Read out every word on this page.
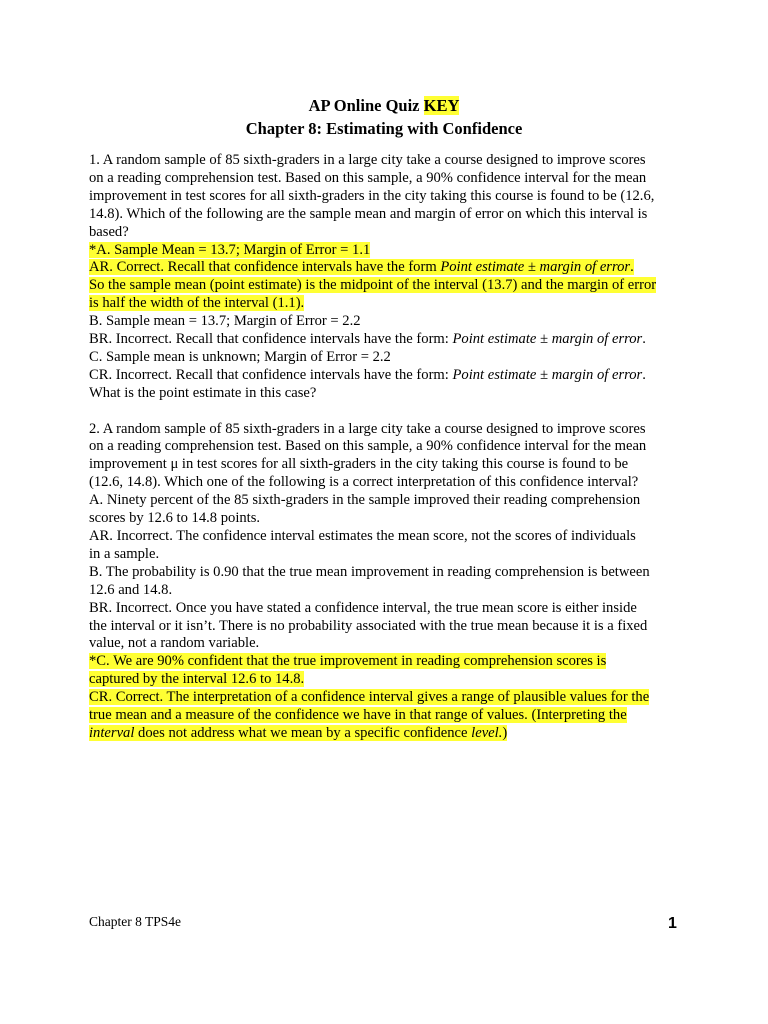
AP Online Quiz KEY
Chapter 8: Estimating with Confidence

1. A random sample of 85 sixth-graders in a large city take a course designed to improve scores

on a reading comprehension test. Based on this sample, a 90% confidence interval for the mean

improvement in test scores for all sixth-graders in the city taking this course is found to be (12.6,

14.8). Which of the following are the sample mean and margin of error on which this interval is

based?

*A. Sample Mean = 13.7; Margin of Error = 1.1

AR. Correct. Recall that confidence intervals have the form Point estimate ± margin of error.

So the sample mean (point estimate) is the midpoint of the interval (13.7) and the margin of error

is half the width of the interval (1.1).

B. Sample mean = 13.7; Margin of Error = 2.2

BR. Incorrect. Recall that confidence intervals have the form: Point estimate ± margin of error.

C. Sample mean is unknown; Margin of Error = 2.2

CR. Incorrect. Recall that confidence intervals have the form: Point estimate ± margin of error.

What is the point estimate in this case?

2. A random sample of 85 sixth-graders in a large city take a course designed to improve scores

on a reading comprehension test. Based on this sample, a 90% confidence interval for the mean

improvement μ in test scores for all sixth-graders in the city taking this course is found to be

(12.6, 14.8). Which one of the following is a correct interpretation of this confidence interval?

A. Ninety percent of the 85 sixth-graders in the sample improved their reading comprehension

scores by 12.6 to 14.8 points.

AR. Incorrect. The confidence interval estimates the mean score, not the scores of individuals

in a sample.

B. The probability is 0.90 that the true mean improvement in reading comprehension is between

12.6 and 14.8.

BR. Incorrect. Once you have stated a confidence interval, the true mean score is either inside

the interval or it isn’t. There is no probability associated with the true mean because it is a fixed

value, not a random variable.

*C. We are 90% confident that the true improvement in reading comprehension scores is

captured by the interval 12.6 to 14.8.

CR. Correct. The interpretation of a confidence interval gives a range of plausible values for the

true mean and a measure of the confidence we have in that range of values. (Interpreting the

interval does not address what we mean by a specific confidence level.)

Chapter 8 TPS4e	1
